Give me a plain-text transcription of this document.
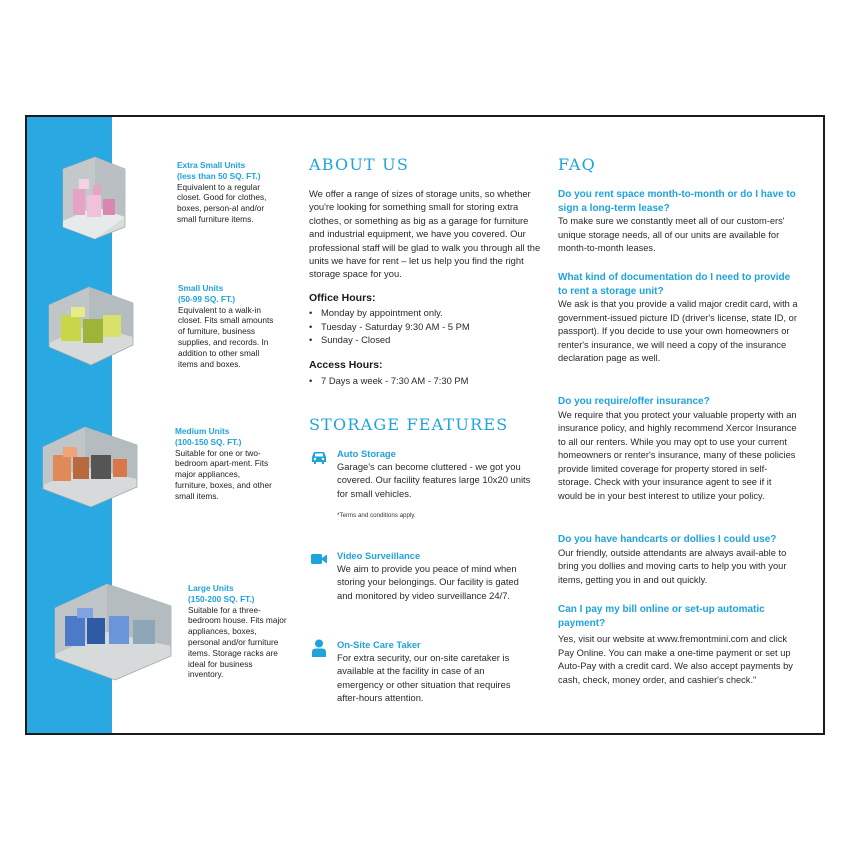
Extra Small Units
(less than 50 SQ. FT.)
Equivalent to a regular closet. Good for clothes, boxes, person-al and/or small furniture items.
Small Units
(50-99 SQ. FT.)
Equivalent to a walk-in closet. Fits small amounts of furniture, business supplies, and records. In addition to other small items and boxes.
Medium Units
(100-150 SQ. FT.)
Suitable for one or two-bedroom apart-ment. Fits major appliances, furniture, boxes, and other small items.
Large Units
(150-200 SQ. FT.)
Suitable for a three-bedroom house. Fits major appliances, boxes, personal and/or furniture items. Storage racks are ideal for business inventory.
ABOUT US

We offer a range of sizes of storage units, so whether you're looking for something small for storing extra clothes, or something as big as a garage for furniture and industrial equipment, we have you covered. Our professional staff will be glad to walk you through all the units we have for rent – let us help you find the right storage space for you.

Office Hours:
• Monday by appointment only.
• Tuesday - Saturday 9:30 AM - 5 PM
• Sunday - Closed
Access Hours:
• 7 Days a week - 7:30 AM - 7:30 PM
STORAGE FEATURES
Auto Storage
Garage's can become cluttered - we got you covered. Our facility features large 10x20 units for small vehicles.
*Terms and conditions apply.
Video Surveillance
We aim to provide you peace of mind when storing your belongings. Our facility is gated and monitored by video surveillance 24/7.
On-Site Care Taker
For extra security, our on-site caretaker is available at the facility in case of an emergency or other situation that requires after-hours attention.
FAQ
Do you rent space month-to-month or do I have to sign a long-term lease?
To make sure we constantly meet all of our custom-ers' unique storage needs, all of our units are available for month-to-month leases.
What kind of documentation do I need to provide to rent a storage unit?
We ask is that you provide a valid major credit card, with a government-issued picture ID (driver's license, state ID, or passport). If you decide to use your own homeowners or renter's insurance, we will need a copy of the insurance declaration page as well.
Do you require/offer insurance?
We require that you protect your valuable property with an insurance policy, and highly recommend Xercor Insurance to all our renters. While you may opt to use your current homeowners or renter's insurance, many of these policies provide limited coverage for property stored in self-storage. Check with your insurance agent to see if it would be in your best interest to utilize your policy.
Do you have handcarts or dollies I could use?
Our friendly, outside attendants are always avail-able to bring you dollies and moving carts to help you with your items, getting you in and out quickly.
Can I pay my bill online or set-up automatic payment?
Yes, visit our website at www.fremontmini.com and click Pay Online. You can make a one-time payment or set up Auto-Pay with a credit card. We also accept payments by cash, check, money order, and cashier's check."
